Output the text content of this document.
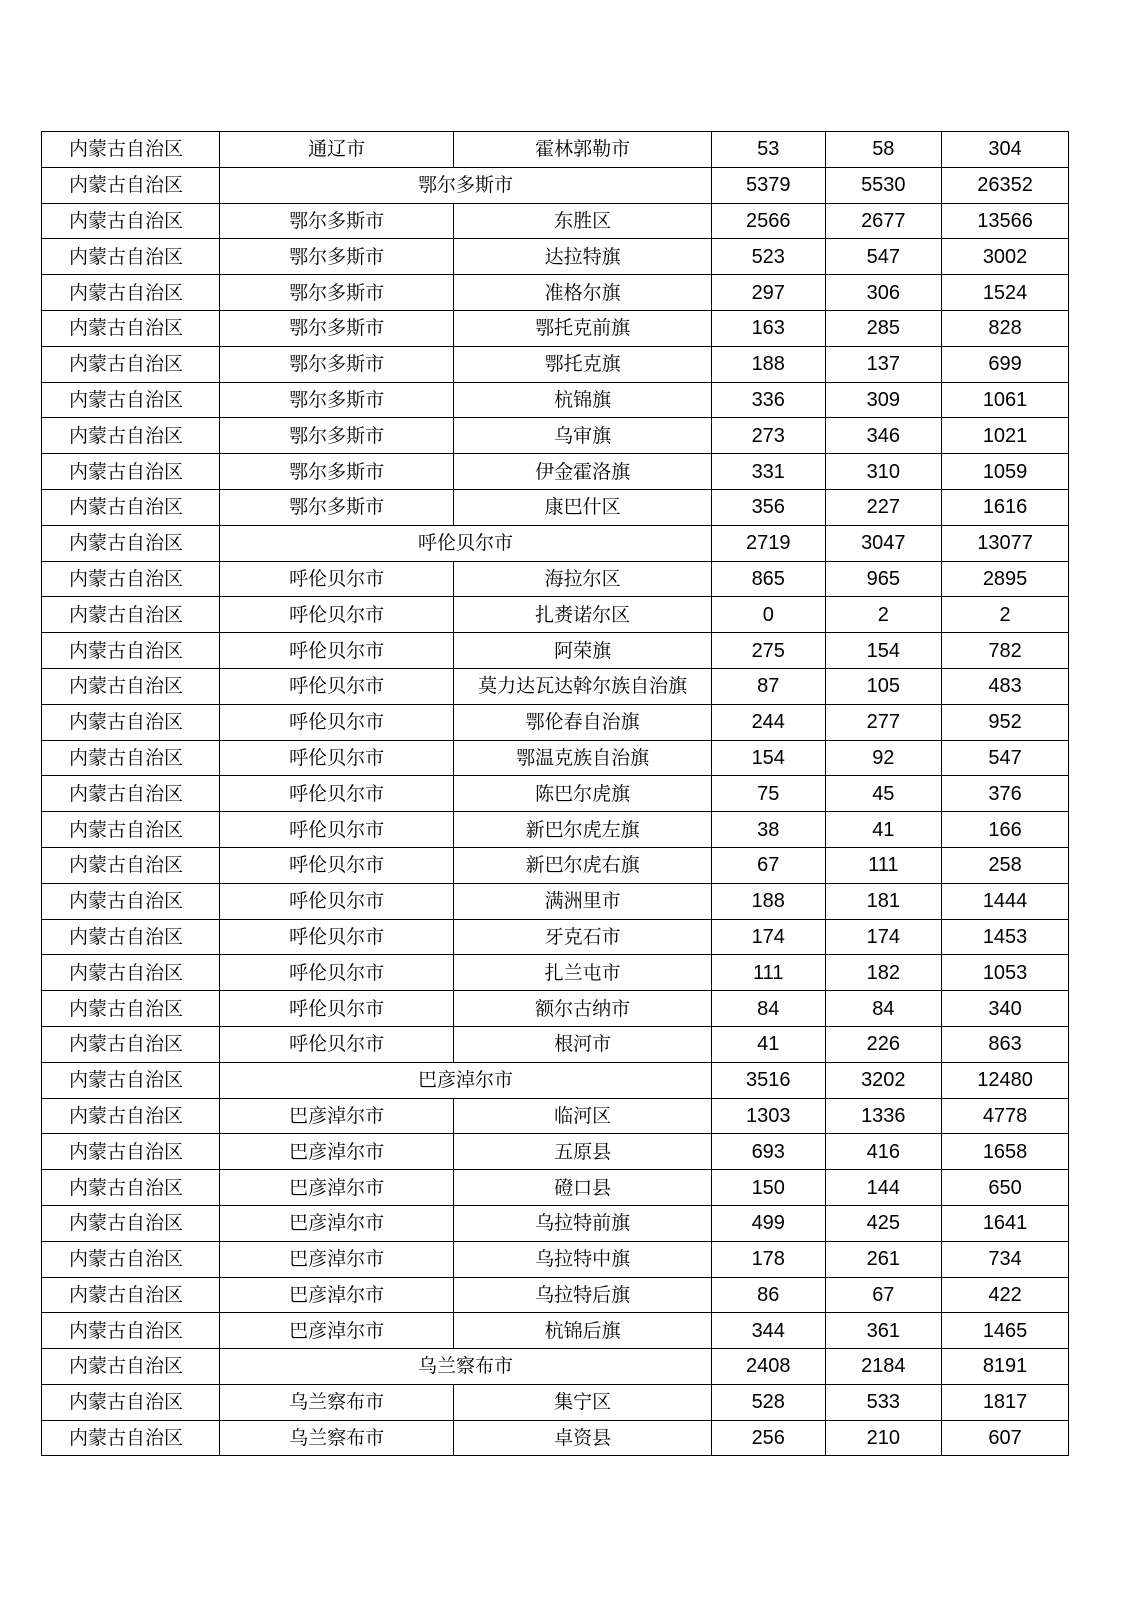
内蒙古自治区	通辽市	霍林郭勒市	53	58	304
内蒙古自治区	鄂尔多斯市		5379	5530	26352
内蒙古自治区	鄂尔多斯市	东胜区	2566	2677	13566
内蒙古自治区	鄂尔多斯市	达拉特旗	523	547	3002
内蒙古自治区	鄂尔多斯市	准格尔旗	297	306	1524
内蒙古自治区	鄂尔多斯市	鄂托克前旗	163	285	828
内蒙古自治区	鄂尔多斯市	鄂托克旗	188	137	699
内蒙古自治区	鄂尔多斯市	杭锦旗	336	309	1061
内蒙古自治区	鄂尔多斯市	乌审旗	273	346	1021
内蒙古自治区	鄂尔多斯市	伊金霍洛旗	331	310	1059
内蒙古自治区	鄂尔多斯市	康巴什区	356	227	1616
内蒙古自治区	呼伦贝尔市		2719	3047	13077
内蒙古自治区	呼伦贝尔市	海拉尔区	865	965	2895
内蒙古自治区	呼伦贝尔市	扎赉诺尔区	0	2	2
内蒙古自治区	呼伦贝尔市	阿荣旗	275	154	782
内蒙古自治区	呼伦贝尔市	莫力达瓦达斡尔族自治旗	87	105	483
内蒙古自治区	呼伦贝尔市	鄂伦春自治旗	244	277	952
内蒙古自治区	呼伦贝尔市	鄂温克族自治旗	154	92	547
内蒙古自治区	呼伦贝尔市	陈巴尔虎旗	75	45	376
内蒙古自治区	呼伦贝尔市	新巴尔虎左旗	38	41	166
内蒙古自治区	呼伦贝尔市	新巴尔虎右旗	67	111	258
内蒙古自治区	呼伦贝尔市	满洲里市	188	181	1444
内蒙古自治区	呼伦贝尔市	牙克石市	174	174	1453
内蒙古自治区	呼伦贝尔市	扎兰屯市	111	182	1053
内蒙古自治区	呼伦贝尔市	额尔古纳市	84	84	340
内蒙古自治区	呼伦贝尔市	根河市	41	226	863
内蒙古自治区	巴彦淖尔市		3516	3202	12480
内蒙古自治区	巴彦淖尔市	临河区	1303	1336	4778
内蒙古自治区	巴彦淖尔市	五原县	693	416	1658
内蒙古自治区	巴彦淖尔市	磴口县	150	144	650
内蒙古自治区	巴彦淖尔市	乌拉特前旗	499	425	1641
内蒙古自治区	巴彦淖尔市	乌拉特中旗	178	261	734
内蒙古自治区	巴彦淖尔市	乌拉特后旗	86	67	422
内蒙古自治区	巴彦淖尔市	杭锦后旗	344	361	1465
内蒙古自治区	乌兰察布市		2408	2184	8191
内蒙古自治区	乌兰察布市	集宁区	528	533	1817
内蒙古自治区	乌兰察布市	卓资县	256	210	607
